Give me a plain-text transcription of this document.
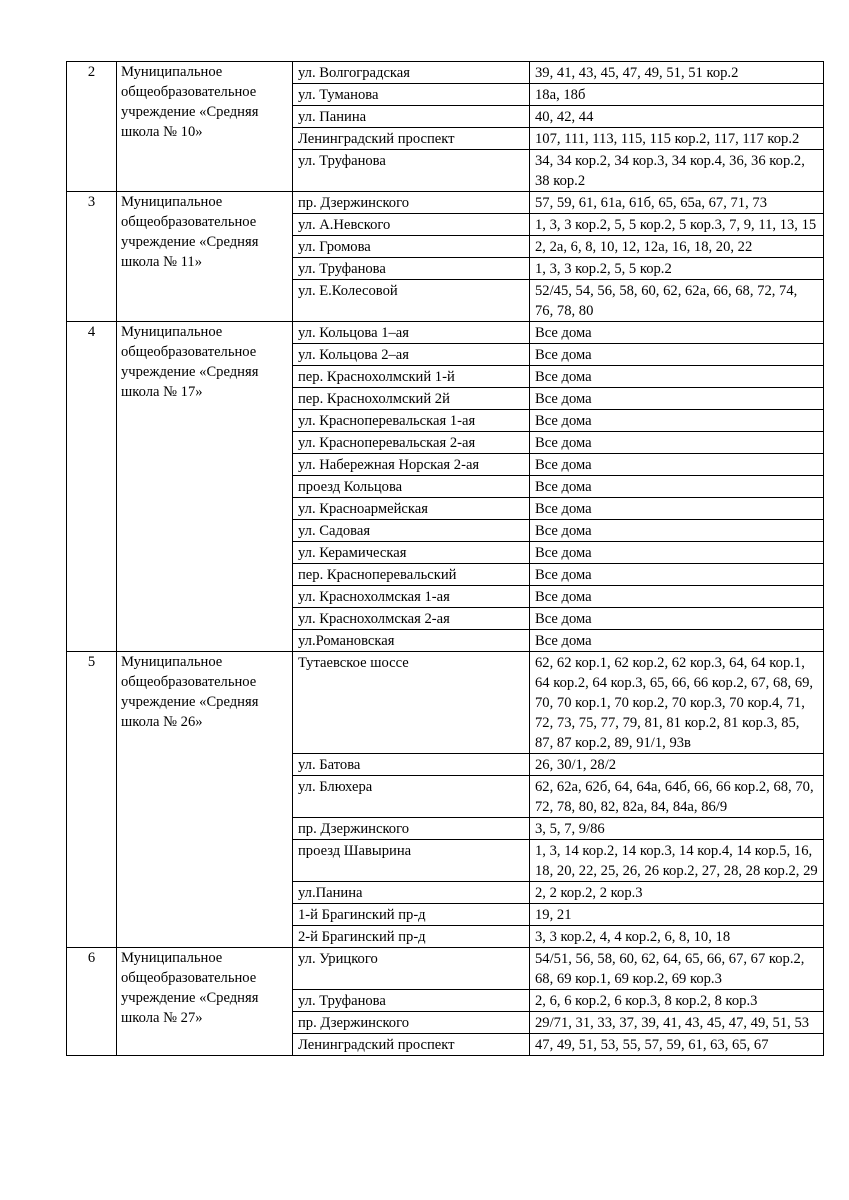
2	Муниципальное общеобразовательное учреждение «Средняя школа № 10»	ул. Волгоградская	39, 41, 43, 45, 47, 49, 51, 51 кор.2
		ул. Туманова	18а, 18б
		ул. Панина	40, 42, 44
		Ленинградский проспект	107, 111, 113, 115, 115 кор.2, 117, 117 кор.2
		ул. Труфанова	34, 34 кор.2, 34 кор.3, 34 кор.4, 36, 36 кор.2, 38 кор.2
3	Муниципальное общеобразовательное учреждение «Средняя школа № 11»	пр. Дзержинского	57, 59, 61, 61а, 61б, 65, 65а, 67, 71, 73
		ул. А.Невского	1, 3, 3 кор.2, 5, 5 кор.2, 5 кор.3, 7, 9, 11, 13, 15
		ул. Громова	2, 2а, 6, 8, 10, 12, 12а, 16, 18, 20, 22
		ул. Труфанова	1, 3, 3 кор.2, 5, 5 кор.2
		ул. Е.Колесовой	52/45, 54, 56, 58, 60, 62, 62а, 66, 68, 72, 74, 76, 78, 80
4	Муниципальное общеобразовательное учреждение «Средняя школа № 17»	ул. Кольцова 1–ая	Все дома
		ул. Кольцова 2–ая	Все дома
		пер. Краснохолмский 1-й	Все дома
		пер. Краснохолмский 2й	Все дома
		ул. Красноперевальская 1-ая	Все дома
		ул. Красноперевальская 2-ая	Все дома
		ул. Набережная Норская 2-ая	Все дома
		проезд Кольцова	Все дома
		ул. Красноармейская	Все дома
		ул. Садовая	Все дома
		ул. Керамическая	Все дома
		пер. Красноперевальский	Все дома
		ул. Краснохолмская 1-ая	Все дома
		ул. Краснохолмская 2-ая	Все дома
		ул.Романовская	Все дома
5	Муниципальное общеобразовательное учреждение «Средняя школа № 26»	Тутаевское шоссе	62, 62 кор.1, 62 кор.2, 62 кор.3, 64, 64 кор.1, 64 кор.2, 64 кор.3, 65, 66, 66 кор.2, 67, 68, 69, 70, 70 кор.1, 70 кор.2, 70 кор.3, 70 кор.4, 71, 72, 73, 75, 77, 79, 81, 81 кор.2, 81 кор.3, 85, 87, 87 кор.2, 89, 91/1, 93в
		ул. Батова	26, 30/1, 28/2
		ул. Блюхера	62, 62а, 62б, 64, 64а, 64б, 66, 66 кор.2, 68, 70, 72, 78, 80, 82, 82а, 84, 84а, 86/9
		пр. Дзержинского	3, 5, 7, 9/86
		проезд Шавырина	1, 3, 14 кор.2, 14 кор.3, 14 кор.4, 14 кор.5, 16, 18, 20, 22, 25, 26, 26 кор.2, 27, 28, 28 кор.2, 29
		ул.Панина	2, 2 кор.2, 2 кор.3
		1-й Брагинский пр-д	19, 21
		2-й Брагинский пр-д	3, 3 кор.2, 4, 4 кор.2, 6, 8, 10, 18
6	Муниципальное общеобразовательное учреждение «Средняя школа № 27»	ул. Урицкого	54/51, 56, 58, 60, 62, 64, 65, 66, 67, 67 кор.2, 68, 69 кор.1, 69 кор.2, 69 кор.3
		ул. Труфанова	2, 6, 6 кор.2, 6 кор.3, 8 кор.2, 8 кор.3
		пр. Дзержинского	29/71, 31, 33, 37, 39, 41, 43, 45, 47, 49, 51, 53
		Ленинградский проспект	47, 49, 51, 53, 55, 57, 59, 61, 63, 65, 67
